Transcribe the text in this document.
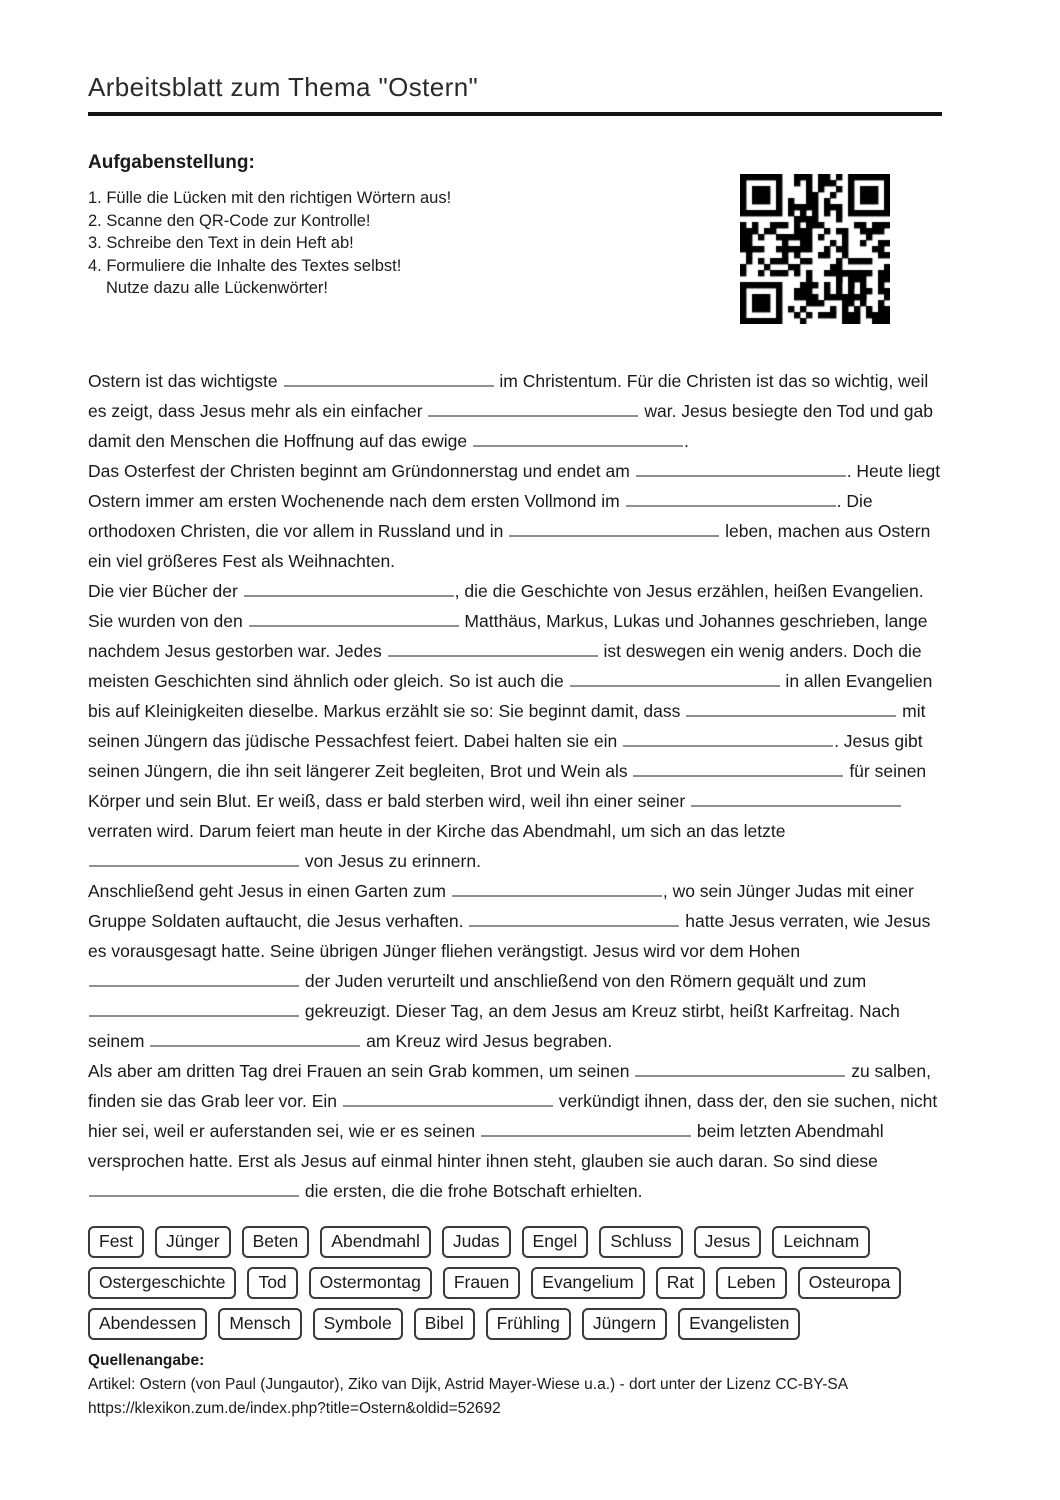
Arbeitsblatt zum Thema "Ostern"
Aufgabenstellung:
1. Fülle die Lücken mit den richtigen Wörtern aus!
2. Scanne den QR-Code zur Kontrolle!
3. Schreibe den Text in dein Heft ab!
4. Formuliere die Inhalte des Textes selbst!
Nutze dazu alle Lückenwörter!

Ostern ist das wichtigste	im Christentum. Für die Christen ist das so wichtig, weil es zeigt, dass Jesus mehr als ein einfacher	war. Jesus besiegte den Tod und gab damit den Menschen die Hoffnung auf das ewige	.

Das Osterfest der Christen beginnt am Gründonnerstag und endet am	. Heute liegt Ostern immer am ersten Wochenende nach dem ersten Vollmond im	. Die orthodoxen Christen, die vor allem in Russland und in	leben, machen aus Ostern ein viel größeres Fest als Weihnachten.

Die vier Bücher der	, die die Geschichte von Jesus erzählen, heißen Evangelien. Sie wurden von den	Matthäus, Markus, Lukas und Johannes geschrieben, lange nachdem Jesus gestorben war. Jedes	ist deswegen ein wenig anders. Doch die meisten Geschichten sind ähnlich oder gleich. So ist auch die	in allen Evangelien bis auf Kleinigkeiten dieselbe. Markus erzählt sie so: Sie beginnt damit, dass	mit seinen Jüngern das jüdische Pessachfest feiert. Dabei halten sie ein	. Jesus gibt seinen Jüngern, die ihn seit längerer Zeit begleiten, Brot und Wein als	für seinen Körper und sein Blut. Er weiß, dass er bald sterben wird, weil ihn einer seiner  verraten wird. Darum feiert man heute in der Kirche das Abendmahl, um sich an das letzte  von Jesus zu erinnern.

Anschließend geht Jesus in einen Garten zum	, wo sein Jünger Judas mit einer Gruppe Soldaten auftaucht, die Jesus verhaften.	hatte Jesus verraten, wie Jesus es vorausgesagt hatte. Seine übrigen Jünger fliehen verängstigt. Jesus wird vor dem Hohen  der Juden verurteilt und anschließend von den Römern gequält und zum  gekreuzigt. Dieser Tag, an dem Jesus am Kreuz stirbt, heißt Karfreitag. Nach seinem	am Kreuz wird Jesus begraben.

Als aber am dritten Tag drei Frauen an sein Grab kommen, um seinen	zu salben, finden sie das Grab leer vor. Ein	verkündigt ihnen, dass der, den sie suchen, nicht hier sei, weil er auferstanden sei, wie er es seinen	beim letzten Abendmahl versprochen hatte. Erst als Jesus auf einmal hinter ihnen steht, glauben sie auch daran. So sind diese  die ersten, die die frohe Botschaft erhielten.

Fest	Jünger	Beten	Abendmahl	Judas	Engel	Schluss	Jesus	Leichnam
Ostergeschichte	Tod	Ostermontag	Frauen	Evangelium	Rat	Leben	Osteuropa
Abendessen	Mensch	Symbole	Bibel	Frühling	Jüngern	Evangelisten
Quellenangabe:
Artikel: Ostern (von Paul (Jungautor), Ziko van Dijk, Astrid Mayer-Wiese u.a.) - dort unter der Lizenz CC-BY-SA
https://klexikon.zum.de/index.php?title=Ostern&oldid=52692
